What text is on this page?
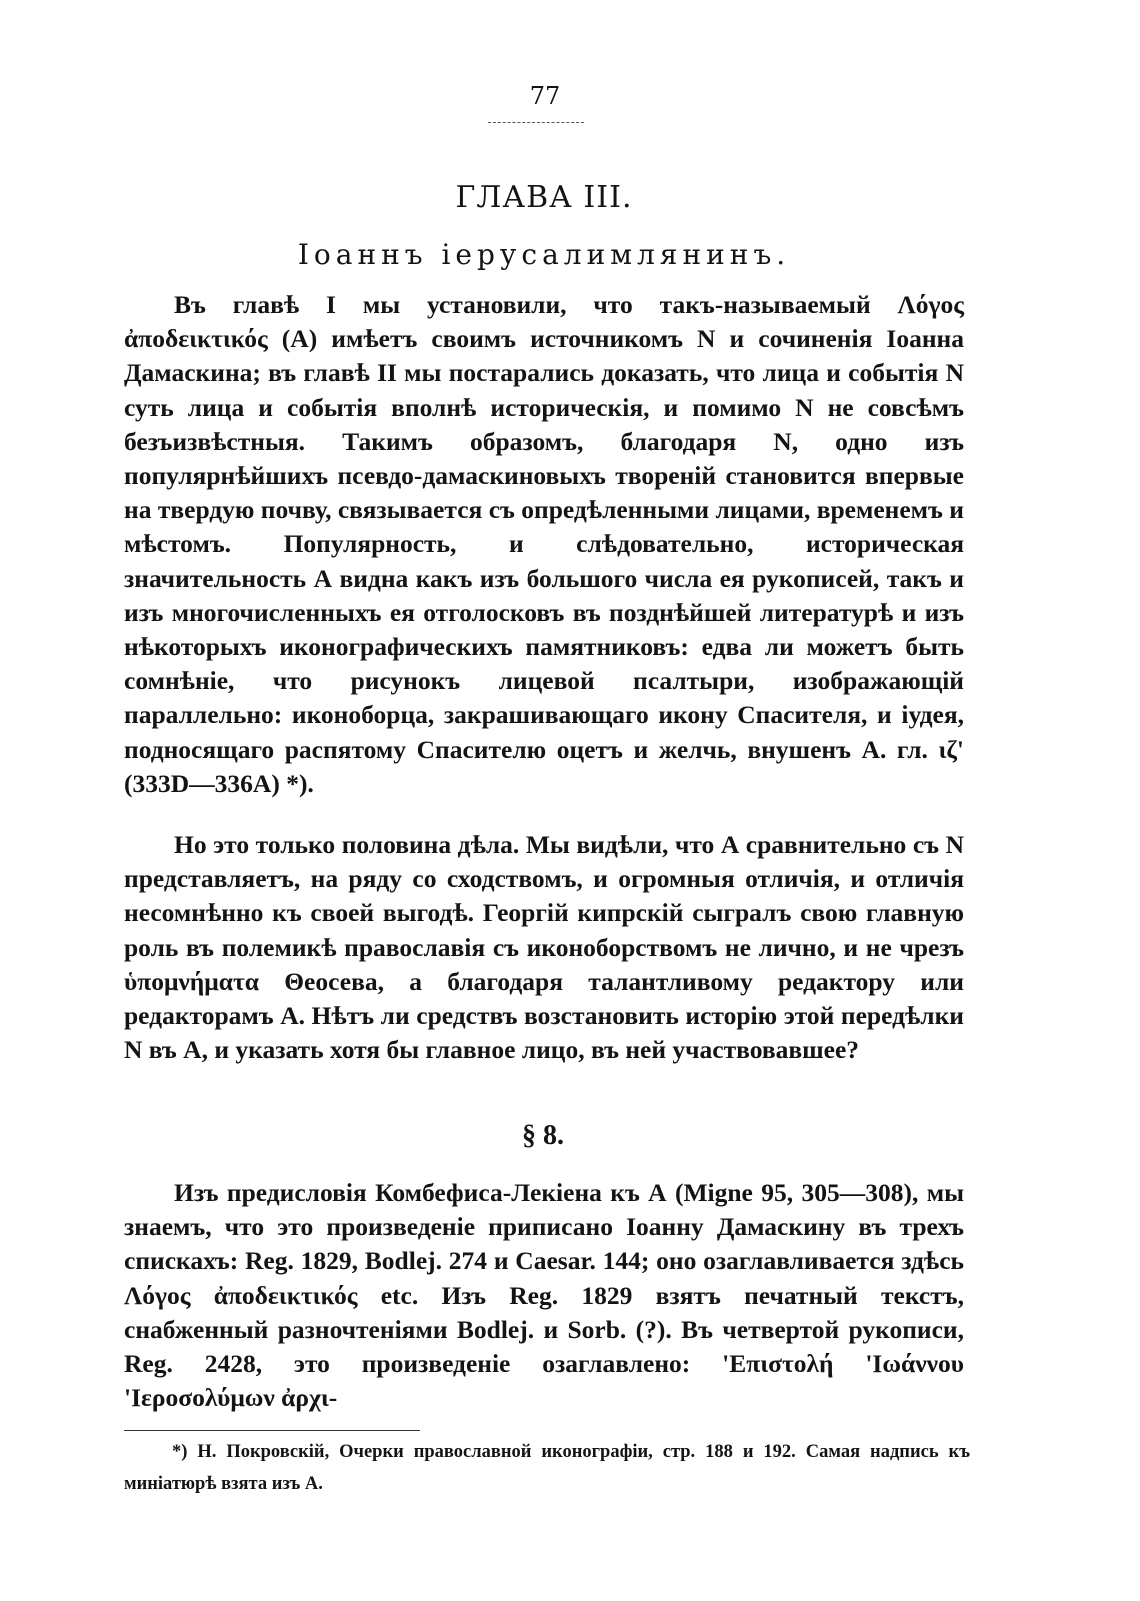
77
ГЛАВА III.
Іоаннъ іерусалимлянинъ.

Въ главѣ I мы установили, что такъ-называемый Λόγος ἀποδεικτικός (А) имѣетъ своимъ источникомъ N и сочиненія Іоанна Дамаскина; въ главѣ II мы постарались доказать, что лица и событія N суть лица и событія вполнѣ историческія, и помимо N не совсѣмъ безъизвѣстныя. Такимъ образомъ, благодаря N, одно изъ популярнѣйшихъ псевдо-дамаскиновыхъ твореній становится впервые на твердую почву, связывается съ опредѣленными лицами, временемъ и мѣстомъ. Популярность, и слѣдовательно, историческая значительность А видна какъ изъ большого числа ея рукописей, такъ и изъ многочисленныхъ ея отголосковъ въ позднѣйшей литературѣ и изъ нѣкоторыхъ иконографическихъ памятниковъ: едва ли можетъ быть сомнѣніе, что рисунокъ лицевой псалтыри, изображающій параллельно: иконоборца, закрашивающаго икону Спасителя, и іудея, подносящаго распятому Спасителю оцетъ и желчь, внушенъ А. гл. ιζ' (333D—336A) *).

Но это только половина дѣла. Мы видѣли, что А сравнительно съ N представляетъ, на ряду со сходствомъ, и огромныя отличія, и отличія несомнѣнно къ своей выгодѣ. Георгій кипрскій сыгралъ свою главную роль въ полемикѣ православія съ иконоборствомъ не лично, и не чрезъ ὑπομνήματα Θеосева, а благодаря талантливому редактору или редакторамъ А. Нѣтъ ли средствъ возстановить исторію этой передѣлки N въ А, и указать хотя бы главное лицо, въ ней участвовавшее?

§ 8.

Изъ предисловія Комбефиса-Лекіена къ А (Migne 95, 305—308), мы знаемъ, что это произведеніе приписано Іоанну Дамаскину въ трехъ спискахъ: Reg. 1829, Bodlej. 274 и Caesar. 144; оно озаглавливается здѣсь Λόγος ἀποδεικτικός etc. Изъ Reg. 1829 взятъ печатный текстъ, снабженный разночтеніями Bodlej. и Sorb. (?). Въ четвертой рукописи, Reg. 2428, это произведеніе озаглавлено: 'Επιστολή 'Ιωάννου 'Ιεροσολύμων ἀρχι-

*) Н. Покровскій, Очерки православной иконографіи, стр. 188 и 192. Самая надпись къ миніатюрѣ взята изъ А.
